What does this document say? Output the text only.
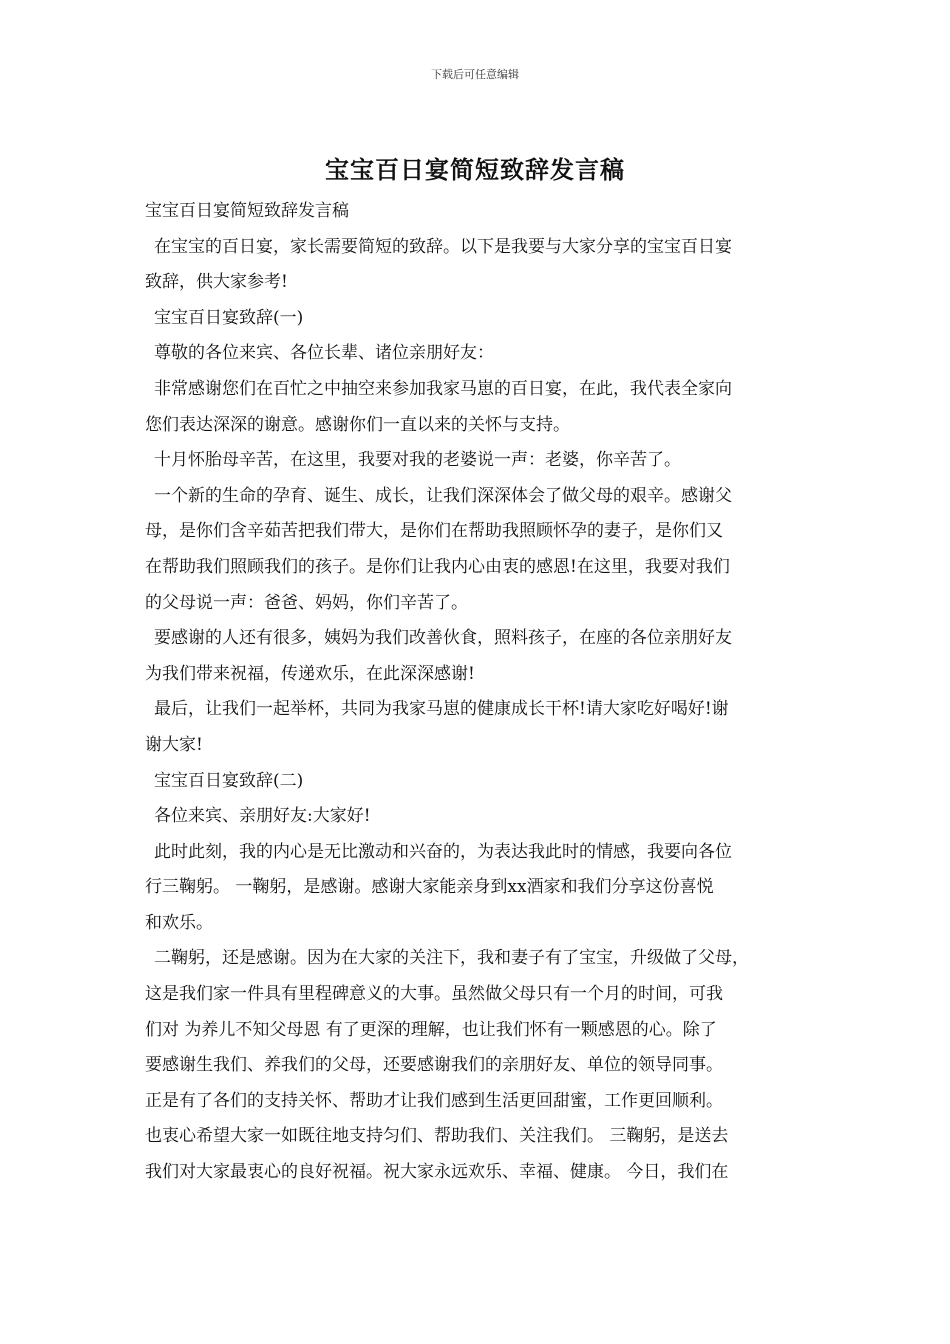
下载后可任意编辑
宝宝百日宴简短致辞发言稿
宝宝百日宴简短致辞发言稿
在宝宝的百日宴，家长需要简短的致辞。以下是我要与大家分享的宝宝百日宴
致辞，供大家参考!
宝宝百日宴致辞(一)
尊敬的各位来宾、各位长辈、诸位亲朋好友：
非常感谢您们在百忙之中抽空来参加我家马崽的百日宴，在此，我代表全家向
您们表达深深的谢意。感谢你们一直以来的关怀与支持。
十月怀胎母辛苦，在这里，我要对我的老婆说一声：老婆，你辛苦了。
一个新的生命的孕育、诞生、成长，让我们深深体会了做父母的艰辛。感谢父
母，是你们含辛茹苦把我们带大，是你们在帮助我照顾怀孕的妻子，是你们又
在帮助我们照顾我们的孩子。是你们让我内心由衷的感恩!在这里，我要对我们
的父母说一声：爸爸、妈妈，你们辛苦了。
要感谢的人还有很多，姨妈为我们改善伙食，照料孩子，在座的各位亲朋好友
为我们带来祝福，传递欢乐，在此深深感谢!
最后，让我们一起举杯，共同为我家马崽的健康成长干杯!请大家吃好喝好!谢
谢大家!
宝宝百日宴致辞(二)
各位来宾、亲朋好友:大家好!
此时此刻，我的内心是无比激动和兴奋的，为表达我此时的情感，我要向各位
行三鞠躬。 一鞠躬，是感谢。感谢大家能亲身到xx酒家和我们分享这份喜悦
和欢乐。
二鞠躬，还是感谢。因为在大家的关注下，我和妻子有了宝宝，升级做了父母，
这是我们家一件具有里程碑意义的大事。虽然做父母只有一个月的时间，可我
们对 为养儿不知父母恩 有了更深的理解，也让我们怀有一颗感恩的心。除了
要感谢生我们、养我们的父母，还要感谢我们的亲朋好友、单位的领导同事。
正是有了各们的支持关怀、帮助才让我们感到生活更回甜蜜，工作更回顺利。
也衷心希望大家一如既往地支持匀们、帮助我们、关注我们。 三鞠躬，是送去
我们对大家最衷心的良好祝福。祝大家永远欢乐、幸福、健康。 今日，我们在
